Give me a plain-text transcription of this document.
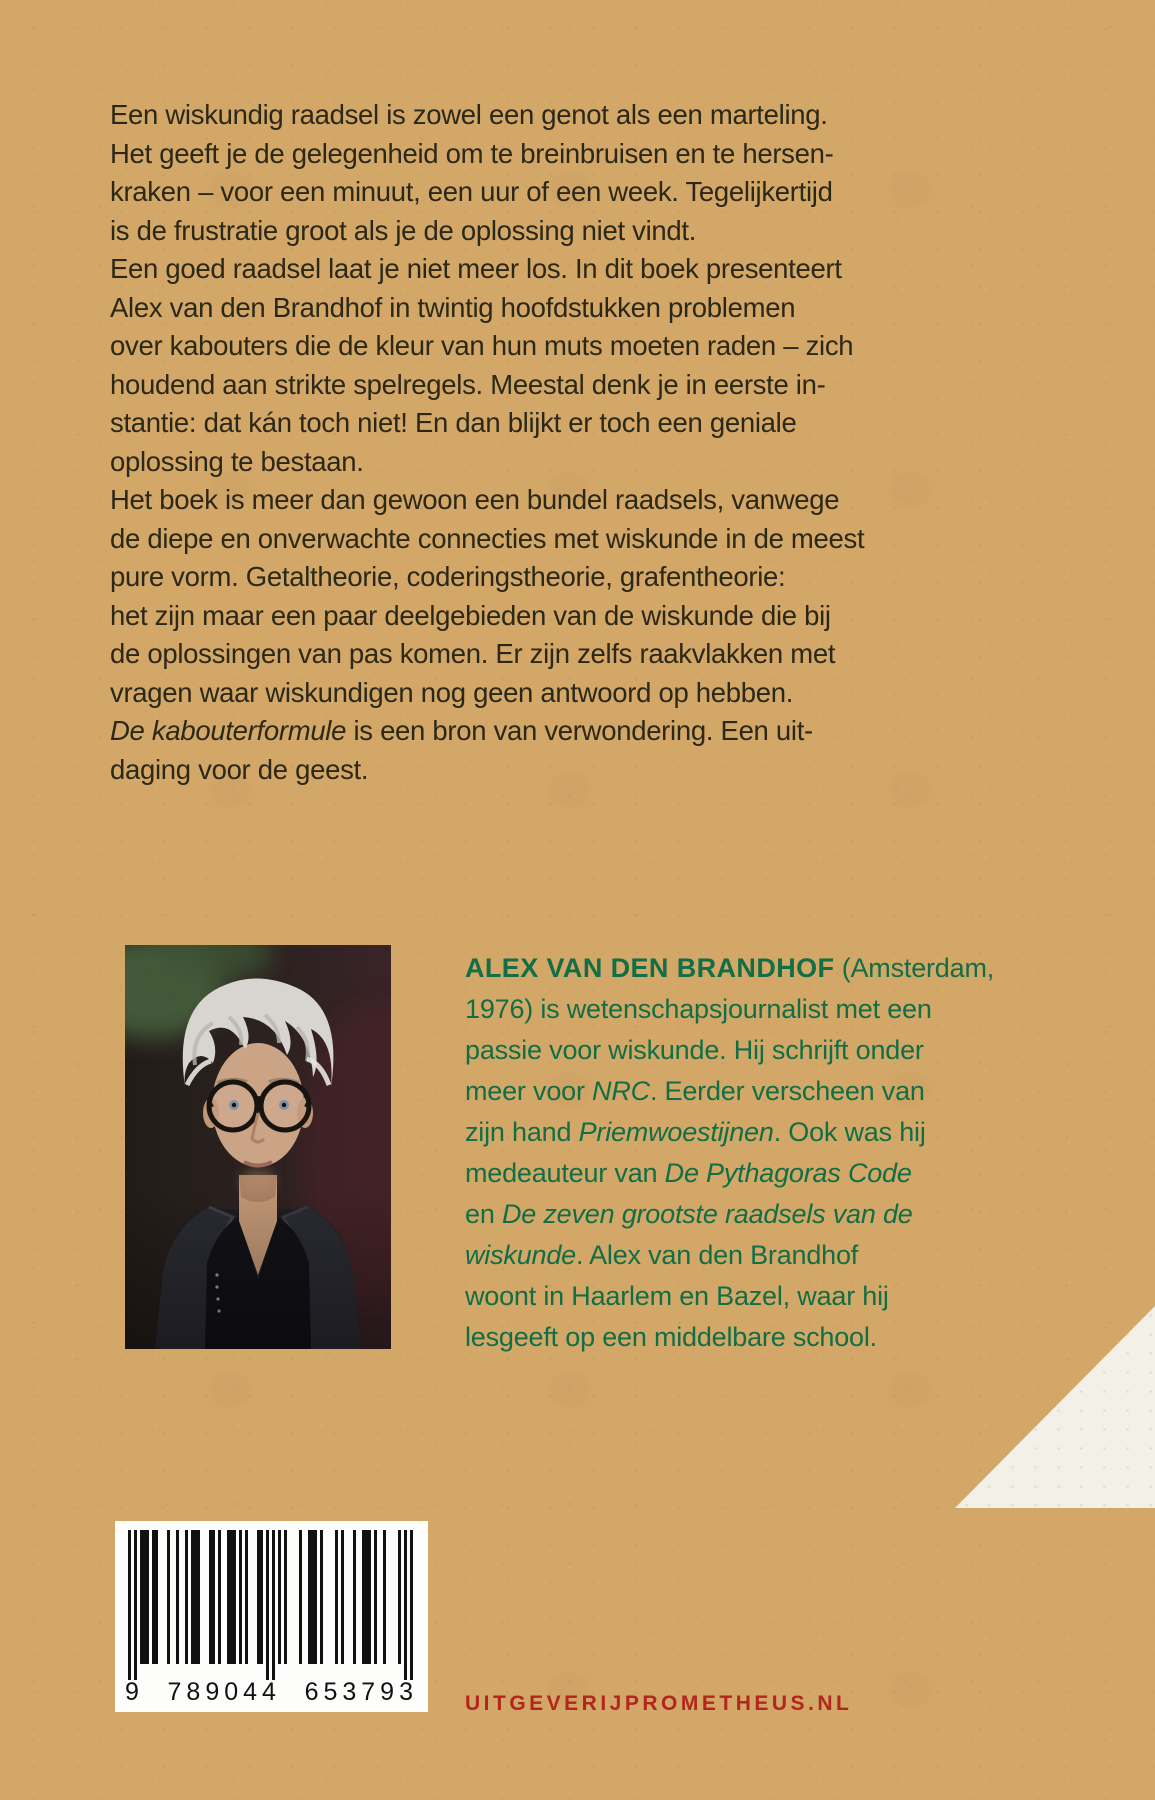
Een wiskundig raadsel is zowel een genot als een marteling.
Het geeft je de gelegenheid om te breinbruisen en te hersen-
kraken – voor een minuut, een uur of een week. Tegelijkertijd
is de frustratie groot als je de oplossing niet vindt.
Een goed raadsel laat je niet meer los. In dit boek presenteert
Alex van den Brandhof in twintig hoofdstukken problemen
over kabouters die de kleur van hun muts moeten raden – zich
houdend aan strikte spelregels. Meestal denk je in eerste in-
stantie: dat kán toch niet! En dan blijkt er toch een geniale
oplossing te bestaan.
Het boek is meer dan gewoon een bundel raadsels, vanwege
de diepe en onverwachte connecties met wiskunde in de meest
pure vorm. Getaltheorie, coderingstheorie, grafentheorie:
het zijn maar een paar deelgebieden van de wiskunde die bij
de oplossingen van pas komen. Er zijn zelfs raakvlakken met
vragen waar wiskundigen nog geen antwoord op hebben.
De kabouterformule is een bron van verwondering. Een uit-
daging voor de geest.
ALEX VAN DEN BRANDHOF (Amsterdam,
1976) is wetenschapsjournalist met een
passie voor wiskunde. Hij schrijft onder
meer voor NRC. Eerder verscheen van
zijn hand Priemwoestijnen. Ook was hij
medeauteur van De Pythagoras Code
en De zeven grootste raadsels van de
wiskunde. Alex van den Brandhof
woont in Haarlem en Bazel, waar hij
lesgeeft op een middelbare school.
9 789044 653793 UITGEVERIJPROMETHEUS.NL
